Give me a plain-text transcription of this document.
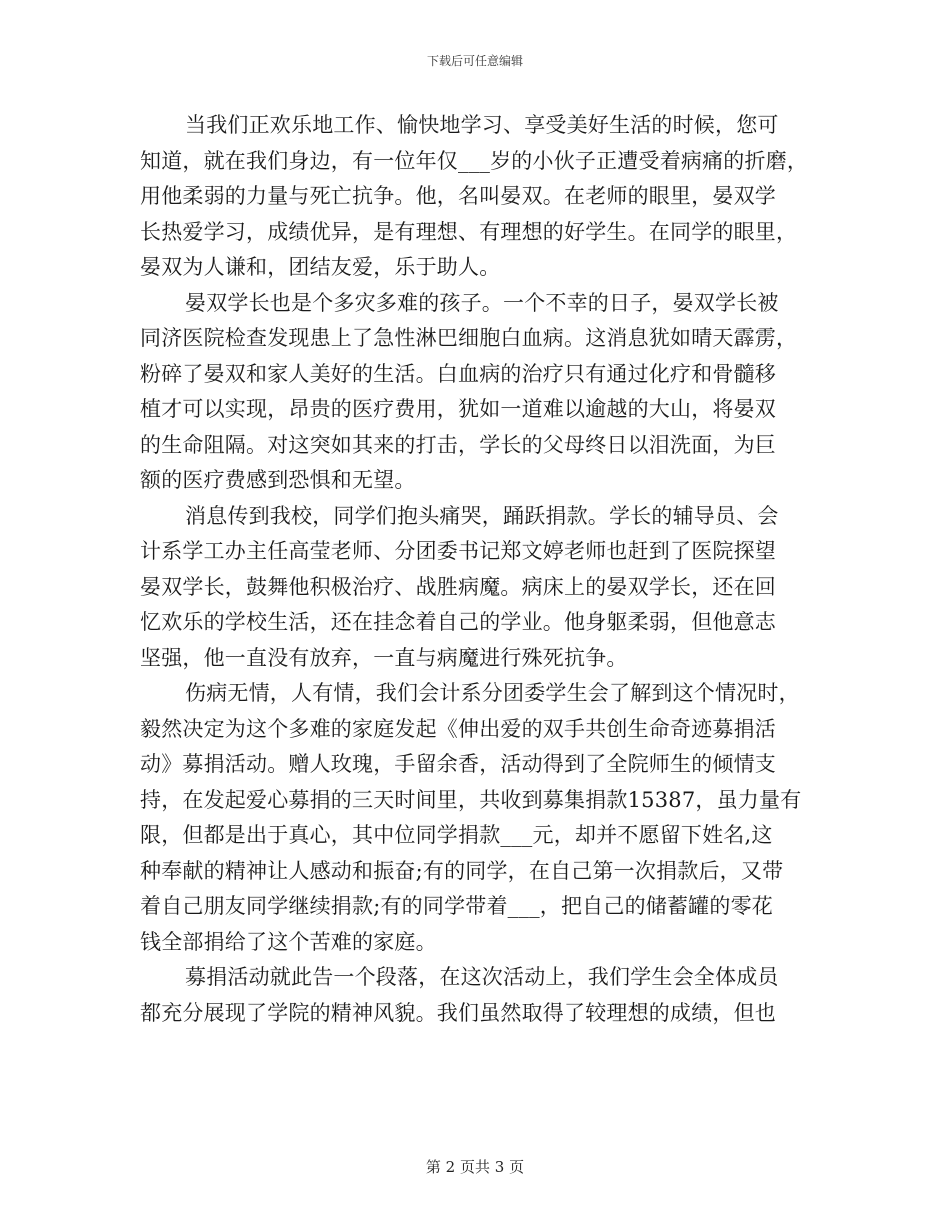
下载后可任意编辑
当我们正欢乐地工作、愉快地学习、享受美好生活的时候，您可
知道，就在我们身边，有一位年仅___岁的小伙子正遭受着病痛的折磨，
用他柔弱的力量与死亡抗争。他，名叫晏双。在老师的眼里，晏双学
长热爱学习，成绩优异，是有理想、有理想的好学生。在同学的眼里，
晏双为人谦和，团结友爱，乐于助人。
晏双学长也是个多灾多难的孩子。一个不幸的日子，晏双学长被
同济医院检查发现患上了急性淋巴细胞白血病。这消息犹如晴天霹雳，
粉碎了晏双和家人美好的生活。白血病的治疗只有通过化疗和骨髓移
植才可以实现，昂贵的医疗费用，犹如一道难以逾越的大山，将晏双
的生命阻隔。对这突如其来的打击，学长的父母终日以泪洗面，为巨
额的医疗费感到恐惧和无望。
消息传到我校，同学们抱头痛哭，踊跃捐款。学长的辅导员、会
计系学工办主任高莹老师、分团委书记郑文婷老师也赶到了医院探望
晏双学长，鼓舞他积极治疗、战胜病魔。病床上的晏双学长，还在回
忆欢乐的学校生活，还在挂念着自己的学业。他身躯柔弱，但他意志
坚强，他一直没有放弃，一直与病魔进行殊死抗争。
伤病无情，人有情，我们会计系分团委学生会了解到这个情况时，
毅然决定为这个多难的家庭发起《伸出爱的双手共创生命奇迹募捐活
动》募捐活动。赠人玫瑰，手留余香，活动得到了全院师生的倾情支
持，在发起爱心募捐的三天时间里，共收到募集捐款15387，虽力量有
限，但都是出于真心，其中位同学捐款___元，却并不愿留下姓名,这
种奉献的精神让人感动和振奋;有的同学，在自己第一次捐款后，又带
着自己朋友同学继续捐款;有的同学带着___，把自己的储蓄罐的零花
钱全部捐给了这个苦难的家庭。
募捐活动就此告一个段落，在这次活动上，我们学生会全体成员
都充分展现了学院的精神风貌。我们虽然取得了较理想的成绩，但也
第 2 页共 3 页
